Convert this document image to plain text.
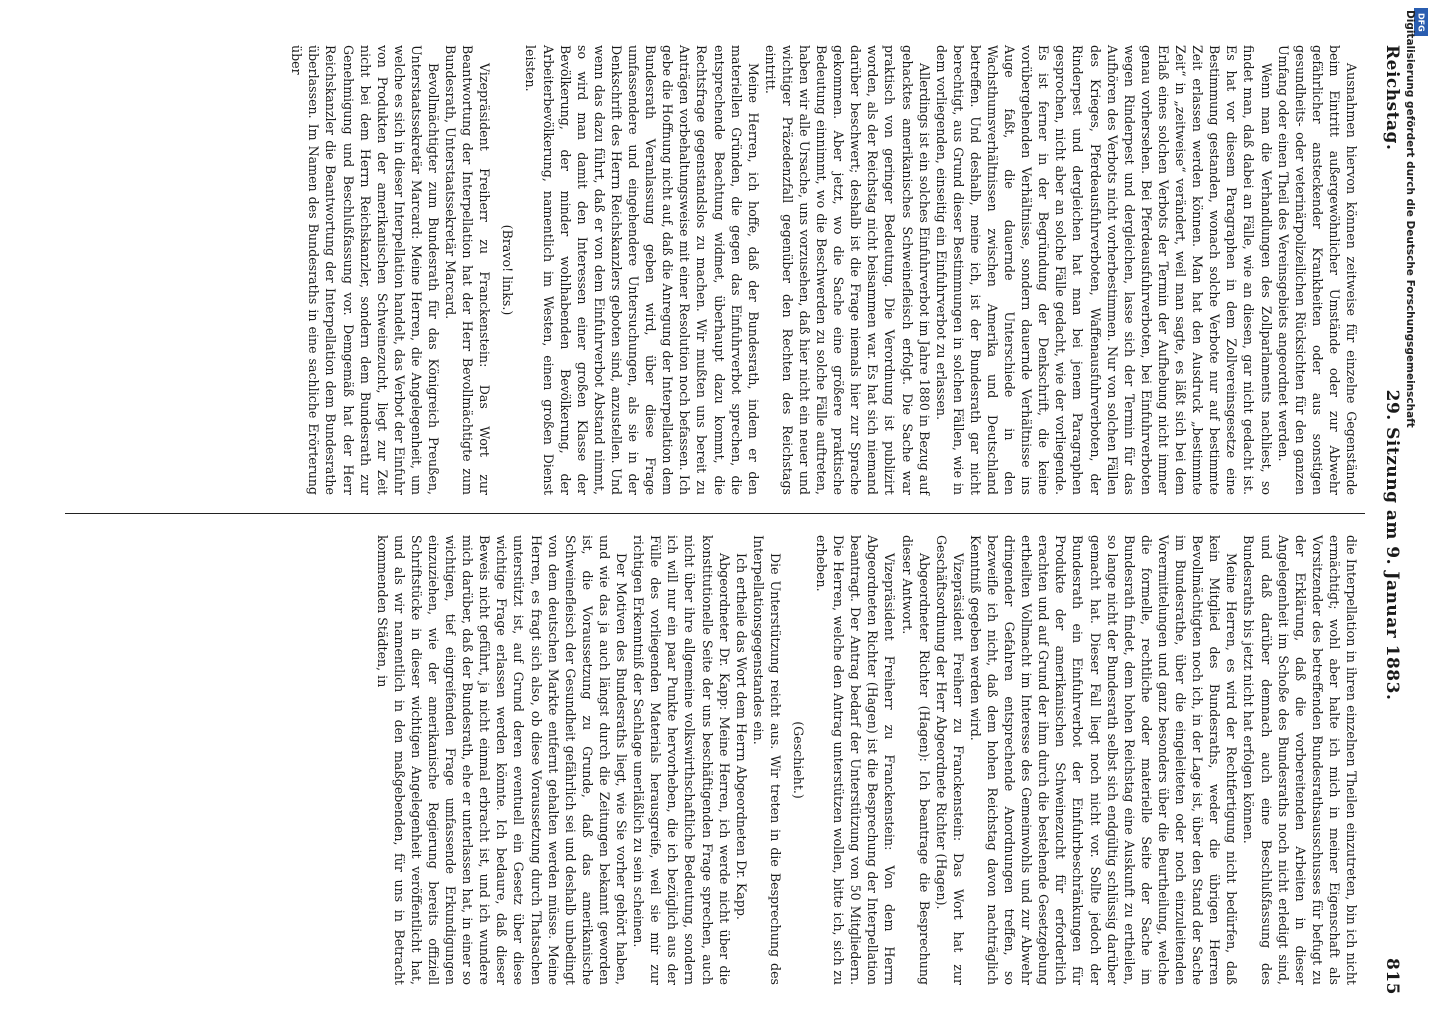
DFG
Digitalisierung gefördert durch die Deutsche Forschungsgemeinschaft
Reichstag.
29. Sitzung am 9. Januar 1883.
815

Ausnahmen hiervon können zeitweise für einzelne Gegenstände beim Eintritt außergewöhnlicher Umstände oder zur Abwehr gefährlicher ansteckender Krankheiten oder aus sonstigen gesundheits- oder veterinärpolizeilichen Rücksichten für den ganzen Umfang oder einen Theil des Vereinsgebiets angeordnet werden.

Wenn man die Verhandlungen des Zollparlaments nachliest, so findet man, daß dabei an Fälle, wie an diesen, gar nicht gedacht ist. Es hat vor diesem Paragraphen in dem Zollvereinsgesetze eine Bestimmung gestanden, wonach solche Verbote nur auf bestimmte Zeit erlassen werden können. Man hat den Ausdruck „bestimmte Zeit“ in „zeitweise“ verändert, weil man sagte, es läßt sich bei dem Erlaß eines solchen Verbots der Termin der Aufhebung nicht immer genau vorhersehen. Bei Pferdeausfuhrverboten, bei Einfuhrverboten wegen Rinderpest und dergleichen, lasse sich der Termin für das Aufhören des Verbots nicht vorherbestimmen. Nur von solchen Fällen des Krieges, Pferdeausfuhrverboten, Waffenausfuhrverboten, der Rinderpest und dergleichen hat man bei jenem Paragraphen gesprochen, nicht aber an solche Fälle gedacht, wie der vorliegende. Es ist ferner in der Begründung der Denkschrift, die keine vorübergehenden Verhältnisse, sondern dauernde Verhältnisse ins Auge faßt, die dauernde Unterschiede in den Wachsthumsverhältnissen zwischen Amerika und Deutschland betreffen. Und deshalb, meine ich, ist der Bundesrath gar nicht berechtigt, aus Grund dieser Bestimmungen in solchen Fällen, wie in dem vorliegenden, einseitig ein Einfuhrverbot zu erlassen.

Allerdings ist ein solches Einfuhrverbot im Jahre 1880 in Bezug auf gehacktes amerikanisches Schweinefleisch erfolgt. Die Sache war praktisch von geringer Bedeutung. Die Verordnung ist publizirt worden, als der Reichstag nicht beisammen war. Es hat sich niemand darüber beschwert; deshalb ist die Frage niemals hier zur Sprache gekommen. Aber jetzt, wo die Sache eine größere praktische Bedeutung einnimmt, wo die Beschwerden zu solche Fälle auftreten, haben wir alle Ursache, uns vorzusehen, daß hier nicht ein neuer und wichtiger Präzedenzfall gegenüber den Rechten des Reichstags eintritt.

Meine Herren, ich hoffe, daß der Bundesrath, indem er den materiellen Gründen, die gegen das Einfuhrverbot sprechen, die entsprechende Beachtung widmet, überhaupt dazu kommt, die Rechtsfrage gegenstandslos zu machen. Wir mußten uns bereit zu Anträgen vorbehaltungsweise mit einer Resolution noch befassen. Ich gebe die Hoffnung nicht auf, daß die Anregung der Interpellation dem Bundesrath Veranlassung geben wird, über diese Frage umfassendere und eingehendere Untersuchungen, als sie in der Denkschrift des Herrn Reichskanzlers geboten sind, anzustellen. Und wenn das dazu führt, daß er von dem Einfuhrverbot Abstand nimmt, so wird man damit den Interessen einer großen Klasse der Bevölkerung, der minder wohlhabenden Bevölkerung, der Arbeiterbevölkerung, namentlich im Westen, einen großen Dienst leisten.

(Bravo! links.)

Vizepräsident Freiherr zu Franckenstein: Das Wort zur Beantwortung der Interpellation hat der Herr Bevollmächtigte zum Bundesrath, Unterstaatssekretär Marcard.

Bevollmächtigter zum Bundesrath für das Königreich Preußen, Unterstaatssekretär Marcard: Meine Herren, die Angelegenheit, um welche es sich in dieser Interpellation handelt, das Verbot der Einfuhr von Produkten der amerikanischen Schweinezucht, liegt zur Zeit nicht bei dem Herrn Reichskanzler, sondern dem Bundesrath zur Genehmigung und Beschlußfassung vor. Demgemäß hat der Herr Reichskanzler die Beantwortung der Interpellation dem Bundesrathe überlassen. Im Namen des Bundesraths in eine sachliche Erörterung über

die Interpellation in ihren einzelnen Theilen einzutreten, bin ich nicht ermächtigt; wohl aber halte ich mich in meiner Eigenschaft als Vorsitzender des betreffenden Bundesrathsausschusses für befugt zu der Erklärung, daß die vorbereitenden Arbeiten in dieser Angelegenheit im Schoße des Bundesraths noch nicht erledigt sind, und daß darüber demnach auch eine Beschlußfassung des Bundesraths bis jetzt nicht hat erfolgen können.

Meine Herren, es wird der Rechtfertigung nicht bedürfen, daß kein Mitglied des Bundesraths, weder die übrigen Herren Bevollmächtigten noch ich, in der Lage ist, über den Stand der Sache im Bundesrathe, über die eingeleiteten oder noch einzuleitenden Vorermittelungen und ganz besonders über die Beurtheilung, welche die formelle, rechtliche oder materielle Seite der Sache im Bundesrath findet, dem hohen Reichstag eine Auskunft zu ertheilen, so lange nicht der Bundesrath selbst sich endgültig schlüssig darüber gemacht hat. Dieser Fall liegt noch nicht vor. Sollte jedoch der Bundesrath ein Einfuhrverbot der Einfuhrbeschränkungen für Produkte der amerikanischen Schweinezucht für erforderlich erachten und auf Grund der ihm durch die bestehende Gesetzgebung ertheilten Vollmacht im Interesse des Gemeinwohls und zur Abwehr dringender Gefahren entsprechende Anordnungen treffen, so bezweifle ich nicht, daß dem hohen Reichstag davon nachträglich Kenntniß gegeben werden wird.

Vizepräsident Freiherr zu Franckenstein: Das Wort hat zur Geschäftsordnung der Herr Abgeordnete Richter (Hagen).

Abgeordneter Richter (Hagen): Ich beantrage die Besprechung dieser Antwort.

Vizepräsident Freiherr zu Franckenstein: Von dem Herrn Abgeordneten Richter (Hagen) ist die Besprechung der Interpellation beantragt. Der Antrag bedarf der Unterstützung von 50 Mitgliedern. Die Herren, welche den Antrag unterstützen wollen, bitte ich, sich zu erheben.

(Geschieht.)

Die Unterstützung reicht aus. Wir treten in die Besprechung des Interpellationsgegenstandes ein.

Ich ertheile das Wort dem Herrn Abgeordneten Dr. Kapp.

Abgeordneter Dr. Kapp: Meine Herren, ich werde nicht über die konstitutionelle Seite der uns beschäftigenden Frage sprechen, auch nicht über ihre allgemeine volkswirthschaftliche Bedeutung, sondern ich will nur ein paar Punkte hervorheben, die ich bezüglich aus der Fülle des vorliegenden Materials herausgreife, weil sie mir zur richtigen Erkenntniß der Sachlage unerläßlich zu sein scheinen.

Der Motiven des Bundesraths liegt, wie Sie vorher gehört haben, und wie das ja auch längst durch die Zeitungen bekannt geworden ist, die Voraussetzung zu Grunde, daß das amerikanische Schweinefleisch der Gesundheit gefährlich sei und deshalb unbedingt von dem deutschen Markte entfernt gehalten werden müsse. Meine Herren, es fragt sich also, ob diese Voraussetzung durch Thatsachen unterstützt ist, auf Grund deren eventuell ein Gesetz über diese wichtige Frage erlassen werden könnte. Ich bedaure, daß dieser Beweis nicht geführt, ja nicht einmal erbracht ist, und ich wundere mich darüber, daß der Bundesrath, ehe er unterlassen hat, in einer so wichtigen, tief eingreifenden Frage umfassende Erkundigungen einzuziehen, wie der amerikanische Regierung bereits offiziell Schriftstücke in dieser wichtigen Angelegenheit veröffentlicht hat, und als wir namentlich in den maßgebenden, für uns in Betracht kommenden Städten, in
